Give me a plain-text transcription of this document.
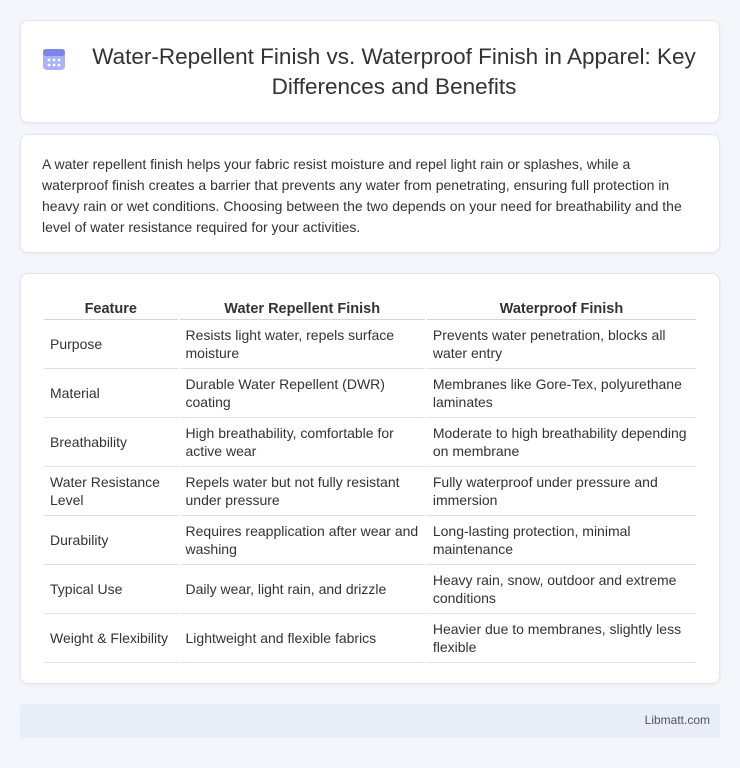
Water-Repellent Finish vs. Waterproof Finish in Apparel: Key Differences and Benefits

A water repellent finish helps your fabric resist moisture and repel light rain or splashes, while a waterproof finish creates a barrier that prevents any water from penetrating, ensuring full protection in heavy rain or wet conditions. Choosing between the two depends on your need for breathability and the level of water resistance required for your activities.

Feature	Water Repellent Finish	Waterproof Finish
Purpose	Resists light water, repels surface moisture	Prevents water penetration, blocks all water entry
Material	Durable Water Repellent (DWR) coating	Membranes like Gore-Tex, polyurethane laminates
Breathability	High breathability, comfortable for active wear	Moderate to high breathability depending on membrane
Water Resistance Level	Repels water but not fully resistant under pressure	Fully waterproof under pressure and immersion
Durability	Requires reapplication after wear and washing	Long-lasting protection, minimal maintenance
Typical Use	Daily wear, light rain, and drizzle	Heavy rain, snow, outdoor and extreme conditions
Weight & Flexibility	Lightweight and flexible fabrics	Heavier due to membranes, slightly less flexible
Libmatt.com
